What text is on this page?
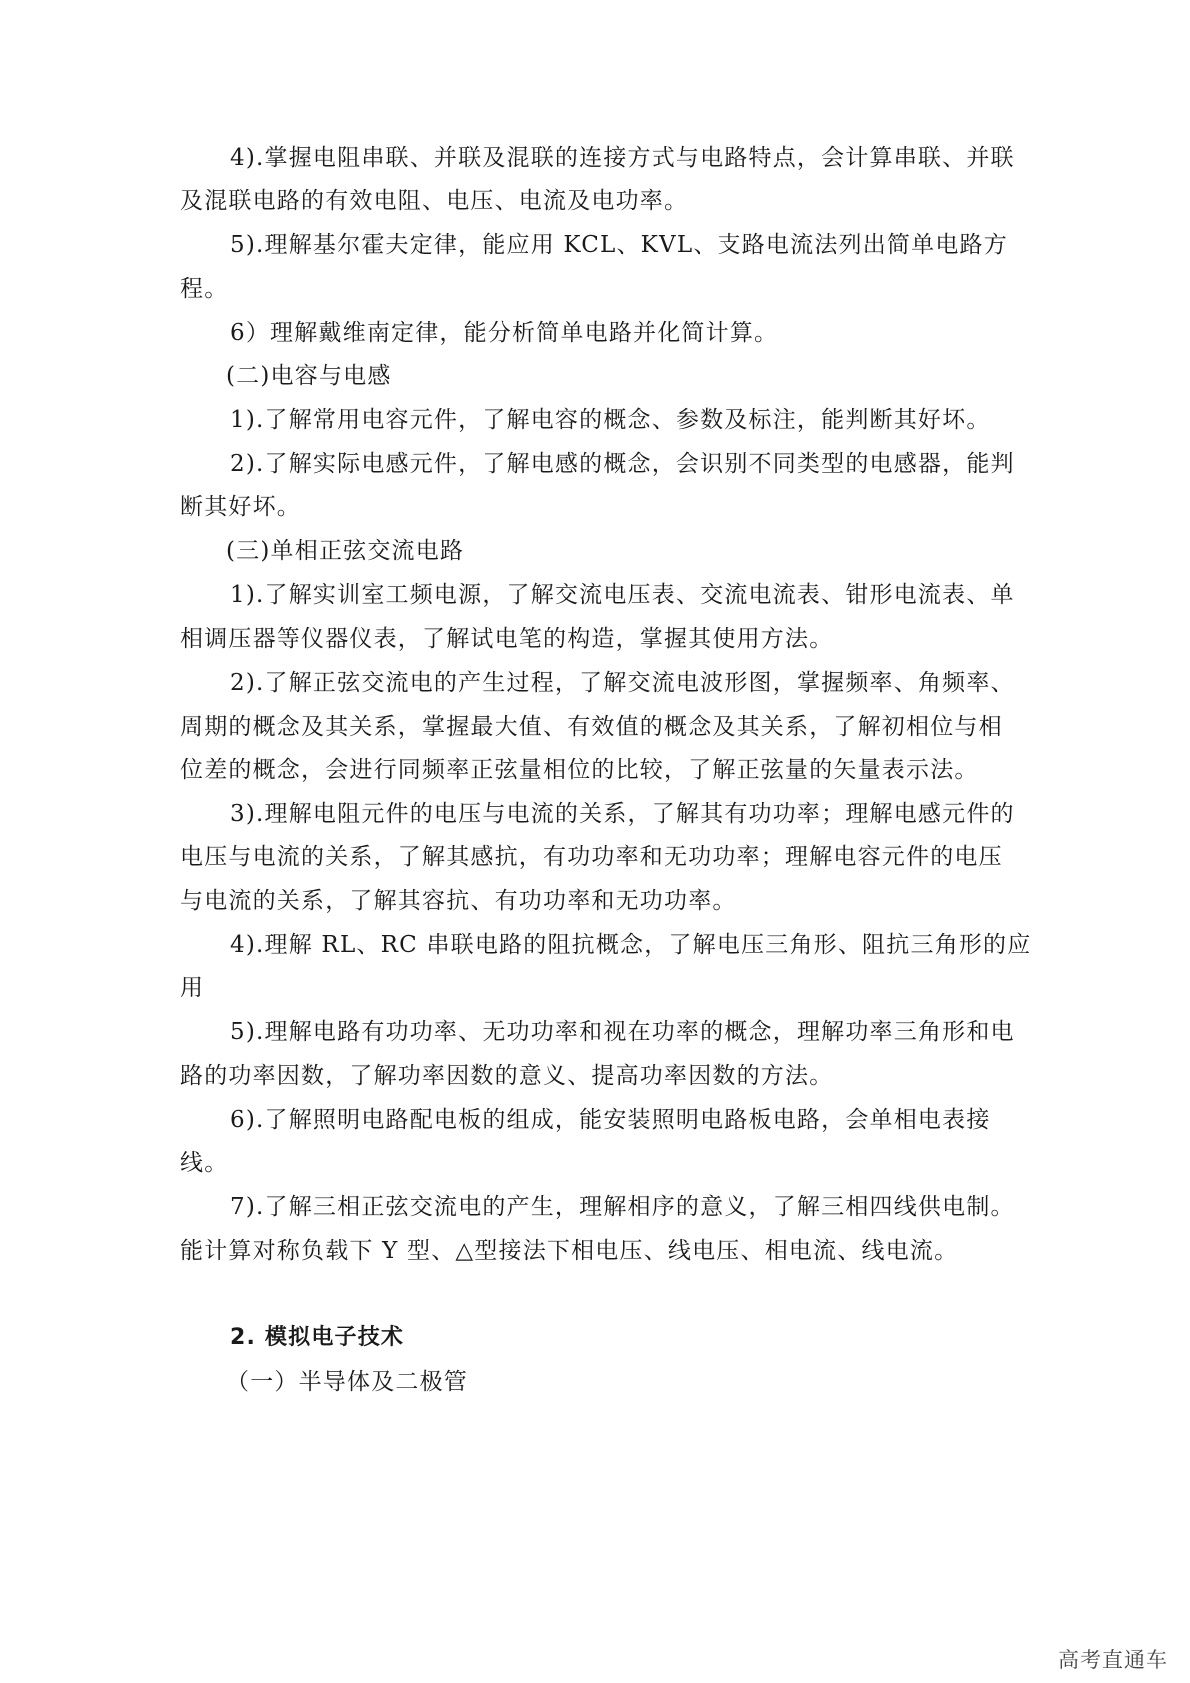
4).掌握电阻串联、并联及混联的连接方式与电路特点，会计算串联、并联

及混联电路的有效电阻、电压、电流及电功率。

5).理解基尔霍夫定律，能应用 KCL、KVL、支路电流法列出简单电路方

程。

6）理解戴维南定律，能分析简单电路并化简计算。

(二)电容与电感

1).了解常用电容元件，了解电容的概念、参数及标注，能判断其好坏。

2).了解实际电感元件，了解电感的概念，会识别不同类型的电感器，能判

断其好坏。

(三)单相正弦交流电路

1).了解实训室工频电源，了解交流电压表、交流电流表、钳形电流表、单

相调压器等仪器仪表，了解试电笔的构造，掌握其使用方法。

2).了解正弦交流电的产生过程，了解交流电波形图，掌握频率、角频率、

周期的概念及其关系，掌握最大值、有效值的概念及其关系，了解初相位与相

位差的概念，会进行同频率正弦量相位的比较，了解正弦量的矢量表示法。

3).理解电阻元件的电压与电流的关系，了解其有功功率；理解电感元件的

电压与电流的关系，了解其感抗，有功功率和无功功率；理解电容元件的电压

与电流的关系，了解其容抗、有功功率和无功功率。

4).理解 RL、RC 串联电路的阻抗概念，了解电压三角形、阻抗三角形的应

用

5).理解电路有功功率、无功功率和视在功率的概念，理解功率三角形和电

路的功率因数，了解功率因数的意义、提高功率因数的方法。

6).了解照明电路配电板的组成，能安装照明电路板电路，会单相电表接

线。

7).了解三相正弦交流电的产生，理解相序的意义，了解三相四线供电制。

能计算对称负载下 Y 型、△型接法下相电压、线电压、相电流、线电流。

2. 模拟电子技术

（一）半导体及二极管

高考直通车
